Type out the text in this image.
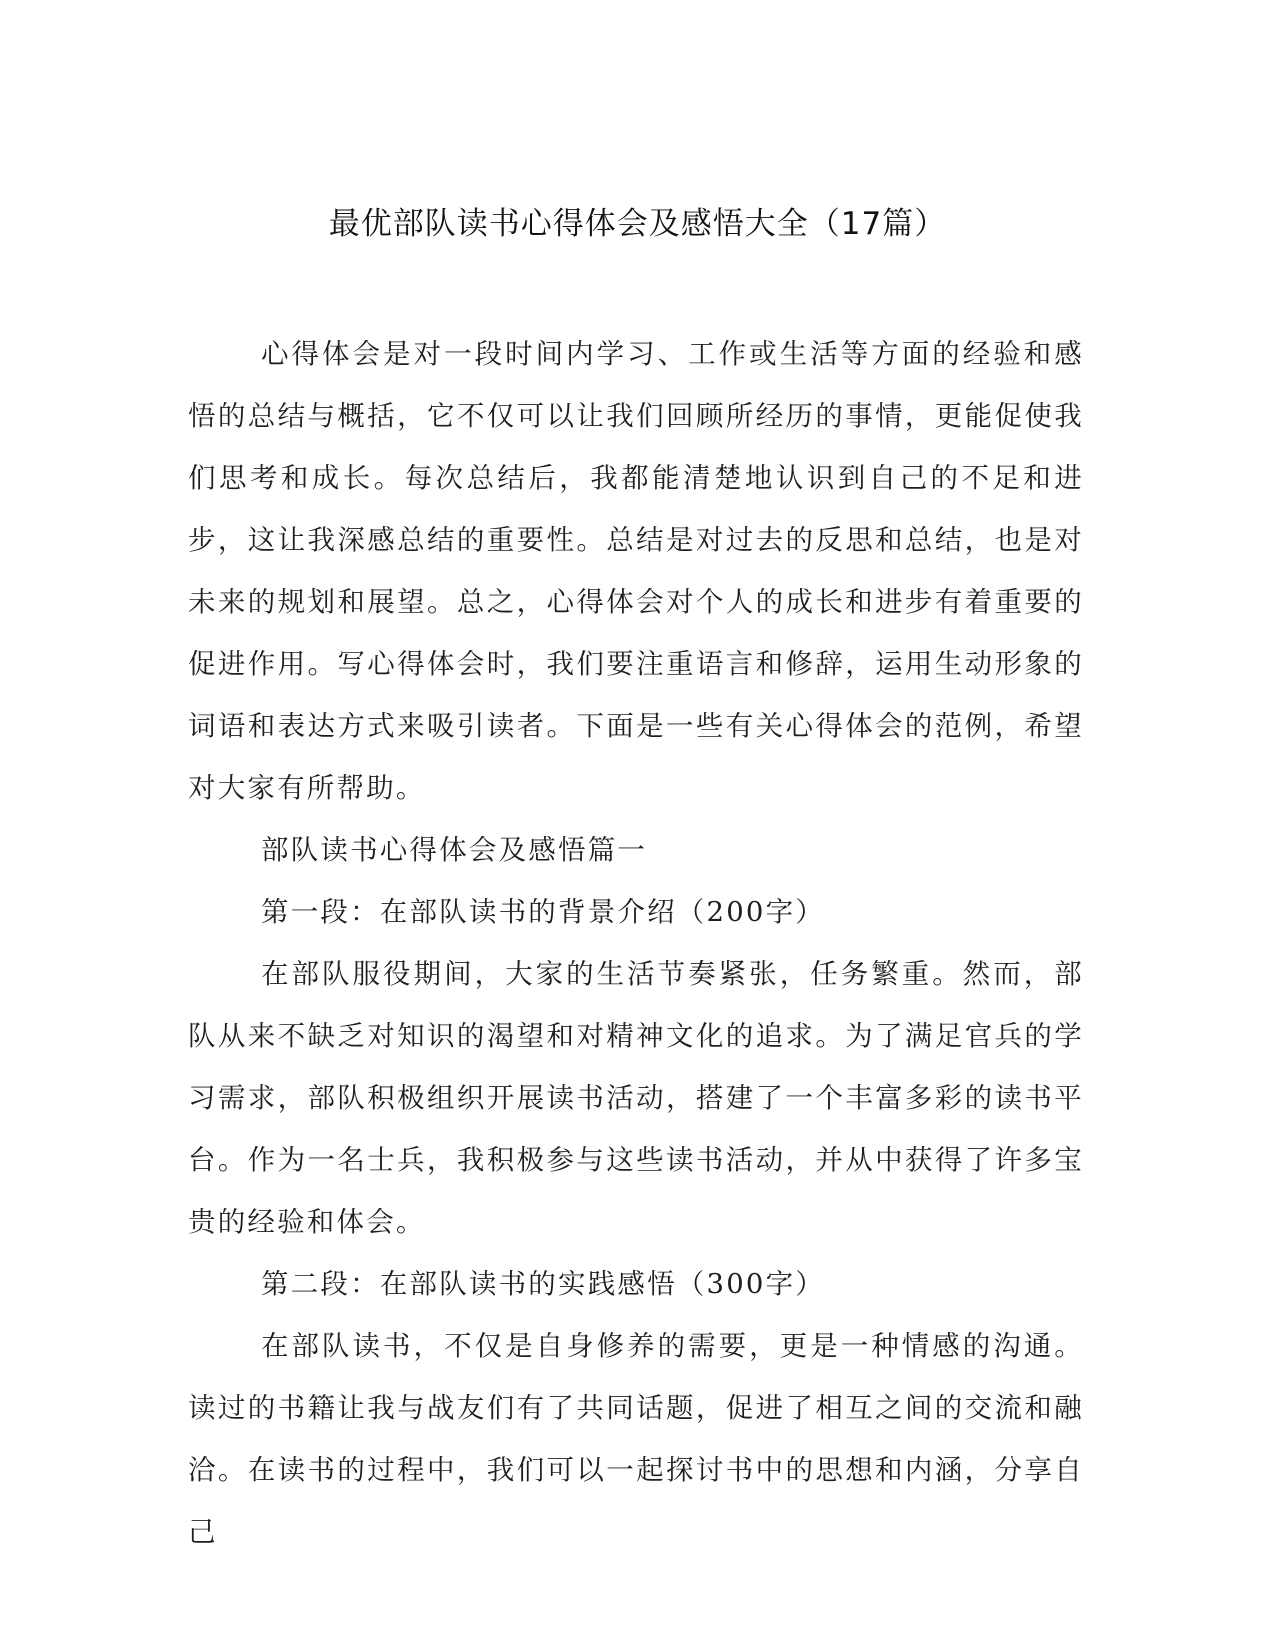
最优部队读书心得体会及感悟大全（17篇）

心得体会是对一段时间内学习、工作或生活等方面的经验和感悟的总结与概括，它不仅可以让我们回顾所经历的事情，更能促使我们思考和成长。每次总结后，我都能清楚地认识到自己的不足和进步，这让我深感总结的重要性。总结是对过去的反思和总结，也是对未来的规划和展望。总之，心得体会对个人的成长和进步有着重要的促进作用。写心得体会时，我们要注重语言和修辞，运用生动形象的词语和表达方式来吸引读者。下面是一些有关心得体会的范例，希望对大家有所帮助。

部队读书心得体会及感悟篇一

第一段：在部队读书的背景介绍（200字）

在部队服役期间，大家的生活节奏紧张，任务繁重。然而，部队从来不缺乏对知识的渴望和对精神文化的追求。为了满足官兵的学习需求，部队积极组织开展读书活动，搭建了一个丰富多彩的读书平台。作为一名士兵，我积极参与这些读书活动，并从中获得了许多宝贵的经验和体会。

第二段：在部队读书的实践感悟（300字）

在部队读书，不仅是自身修养的需要，更是一种情感的沟通。读过的书籍让我与战友们有了共同话题，促进了相互之间的交流和融洽。在读书的过程中，我们可以一起探讨书中的思想和内涵，分享自己
